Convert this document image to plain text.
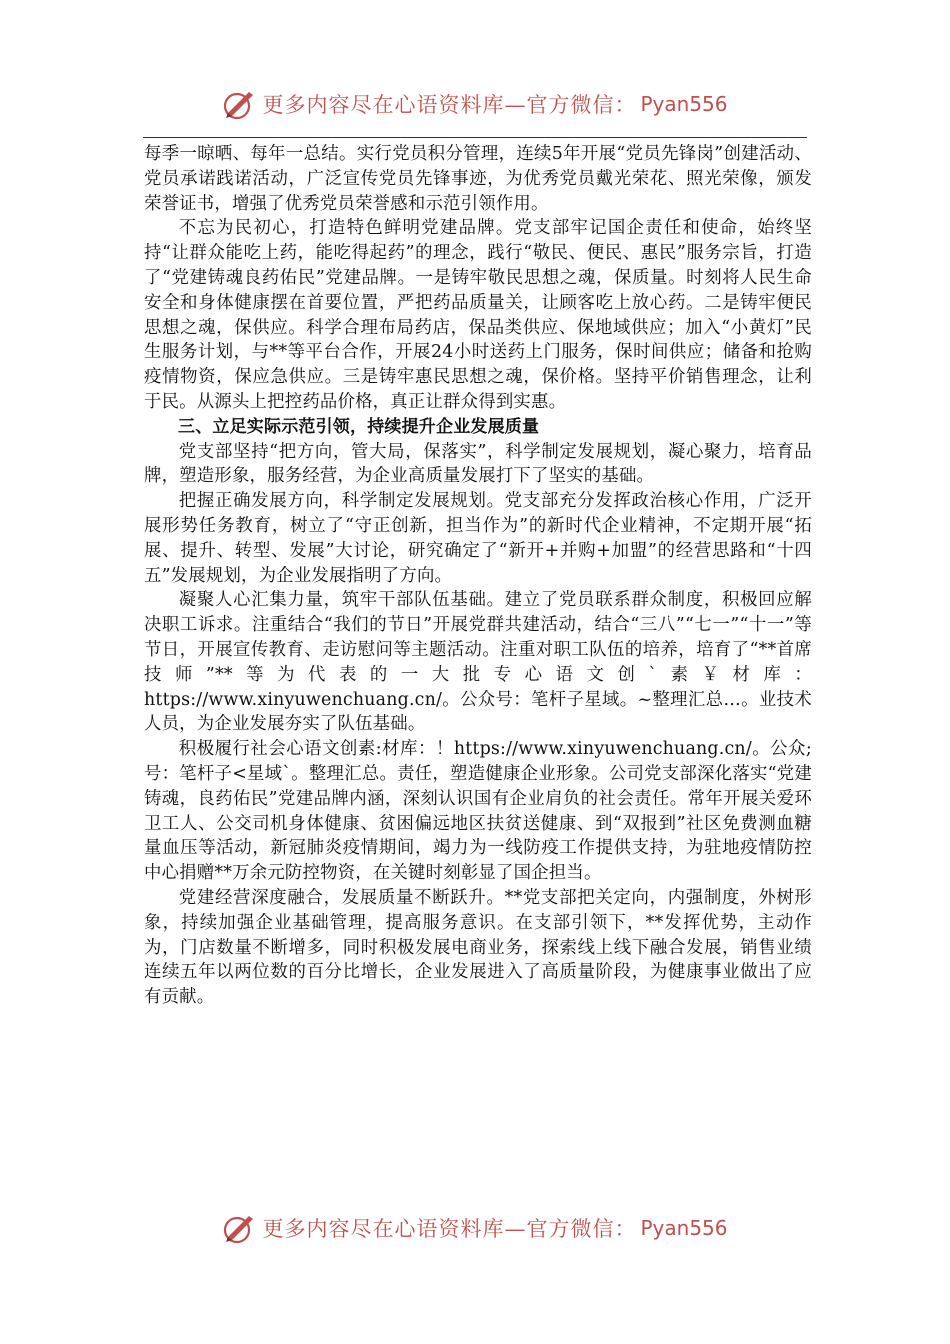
更多内容尽在心语资料库—官方微信： Pyan556

每季一晾晒、每年一总结。实行党员积分管理，连续5年开展“党员先锋岗”创建活动、党员承诺践诺活动，广泛宣传党员先锋事迹，为优秀党员戴光荣花、照光荣像，颁发荣誉证书，增强了优秀党员荣誉感和示范引领作用。

不忘为民初心，打造特色鲜明党建品牌。党支部牢记国企责任和使命，始终坚持“让群众能吃上药，能吃得起药”的理念，践行“敬民、便民、惠民”服务宗旨，打造了“党建铸魂良药佑民”党建品牌。一是铸牢敬民思想之魂，保质量。时刻将人民生命安全和身体健康摆在首要位置，严把药品质量关，让顾客吃上放心药。二是铸牢便民思想之魂，保供应。科学合理布局药店，保品类供应、保地域供应；加入“小黄灯”民生服务计划，与**等平台合作，开展24小时送药上门服务，保时间供应；储备和抢购疫情物资，保应急供应。三是铸牢惠民思想之魂，保价格。坚持平价销售理念，让利于民。从源头上把控药品价格，真正让群众得到实惠。

三、立足实际示范引领，持续提升企业发展质量

党支部坚持“把方向，管大局，保落实”，科学制定发展规划，凝心聚力，培育品牌，塑造形象，服务经营，为企业高质量发展打下了坚实的基础。

把握正确发展方向，科学制定发展规划。党支部充分发挥政治核心作用，广泛开展形势任务教育，树立了“守正创新，担当作为”的新时代企业精神，不定期开展“拓展、提升、转型、发展”大讨论，研究确定了“新开+并购+加盟”的经营思路和“十四五”发展规划，为企业发展指明了方向。

凝聚人心汇集力量，筑牢干部队伍基础。建立了党员联系群众制度，积极回应解决职工诉求。注重结合“我们的节日”开展党群共建活动，结合“三八”“七一”“十一”等节日，开展宣传教育、走访慰问等主题活动。注重对职工队伍的培养，培育了“**首席技师”**等为代表的一大批专心语文创`素￥材库：https://www.xinyuwenchuang.cn/。公众号：笔杆子星域。~整理汇总…。业技术人员，为企业发展夯实了队伍基础。

积极履行社会心语文创素:材库：！https://www.xinyuwenchuang.cn/。公众;号：笔杆子<星域`。整理汇总。责任，塑造健康企业形象。公司党支部深化落实“党建铸魂，良药佑民”党建品牌内涵，深刻认识国有企业肩负的社会责任。常年开展关爱环卫工人、公交司机身体健康、贫困偏远地区扶贫送健康、到“双报到”社区免费测血糖量血压等活动，新冠肺炎疫情期间，竭力为一线防疫工作提供支持，为驻地疫情防控中心捐赠**万余元防控物资，在关键时刻彰显了国企担当。

党建经营深度融合，发展质量不断跃升。**党支部把关定向，内强制度，外树形象，持续加强企业基础管理，提高服务意识。在支部引领下，**发挥优势，主动作为，门店数量不断增多，同时积极发展电商业务，探索线上线下融合发展，销售业绩连续五年以两位数的百分比增长，企业发展进入了高质量阶段，为健康事业做出了应有贡献。

更多内容尽在心语资料库—官方微信： Pyan556
